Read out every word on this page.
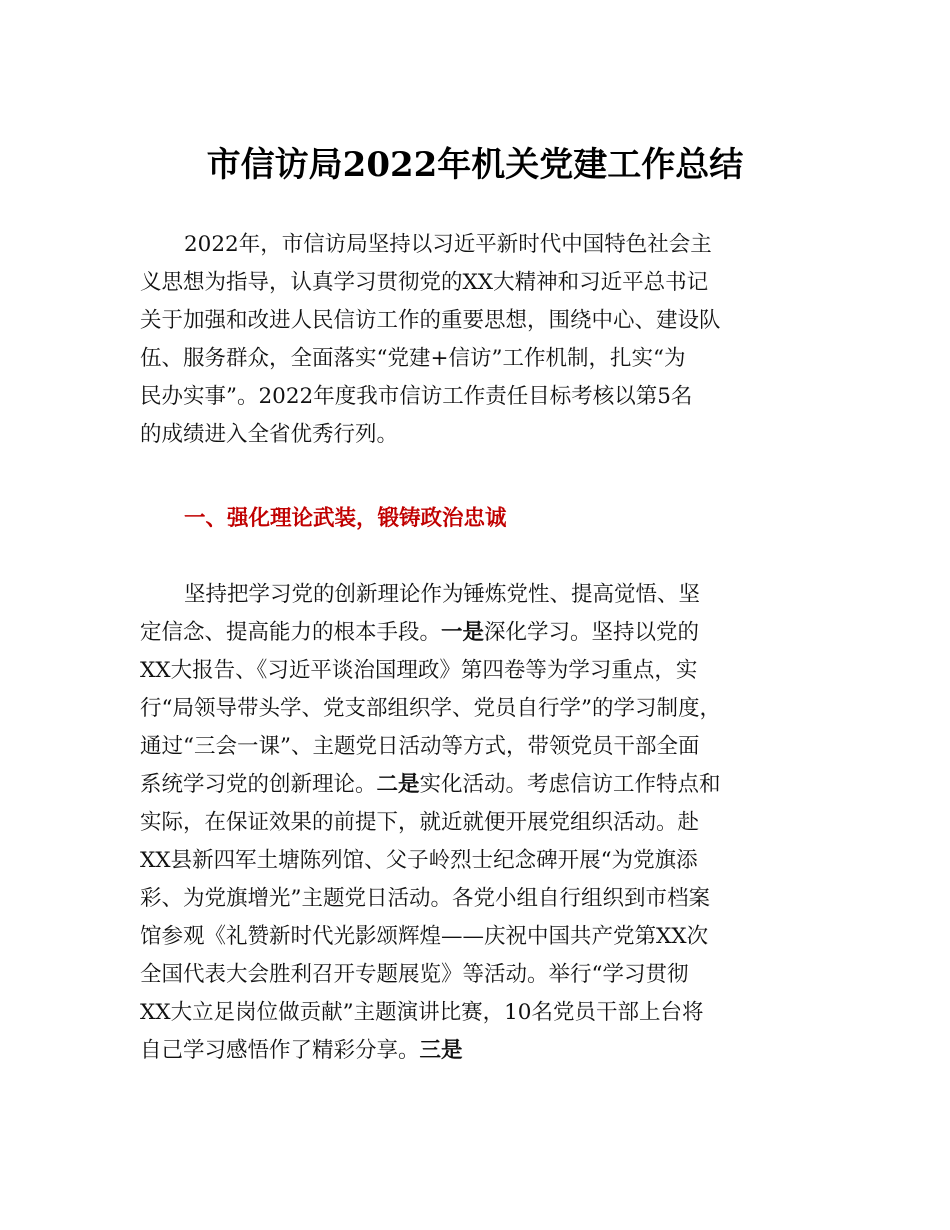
市信访局2022年机关党建工作总结
2022年，市信访局坚持以习近平新时代中国特色社会主
义思想为指导，认真学习贯彻党的XX大精神和习近平总书记
关于加强和改进人民信访工作的重要思想，围绕中心、建设队
伍、服务群众，全面落实“党建+信访”工作机制，扎实“为
民办实事”。2022年度我市信访工作责任目标考核以第5名
的成绩进入全省优秀行列。
一、强化理论武装，锻铸政治忠诚
坚持把学习党的创新理论作为锤炼党性、提高觉悟、坚
定信念、提高能力的根本手段。一是深化学习。坚持以党的
XX大报告、《习近平谈治国理政》第四卷等为学习重点，实
行“局领导带头学、党支部组织学、党员自行学”的学习制度，
通过“三会一课”、主题党日活动等方式，带领党员干部全面
系统学习党的创新理论。二是实化活动。考虑信访工作特点和
实际，在保证效果的前提下，就近就便开展党组织活动。赴
XX县新四军土塘陈列馆、父子岭烈士纪念碑开展“为党旗添
彩、为党旗增光”主题党日活动。各党小组自行组织到市档案
馆参观《礼赞新时代光影颂辉煌——庆祝中国共产党第XX次
全国代表大会胜利召开专题展览》等活动。举行“学习贯彻
XX大立足岗位做贡献”主题演讲比赛，10名党员干部上台将
自己学习感悟作了精彩分享。三是
